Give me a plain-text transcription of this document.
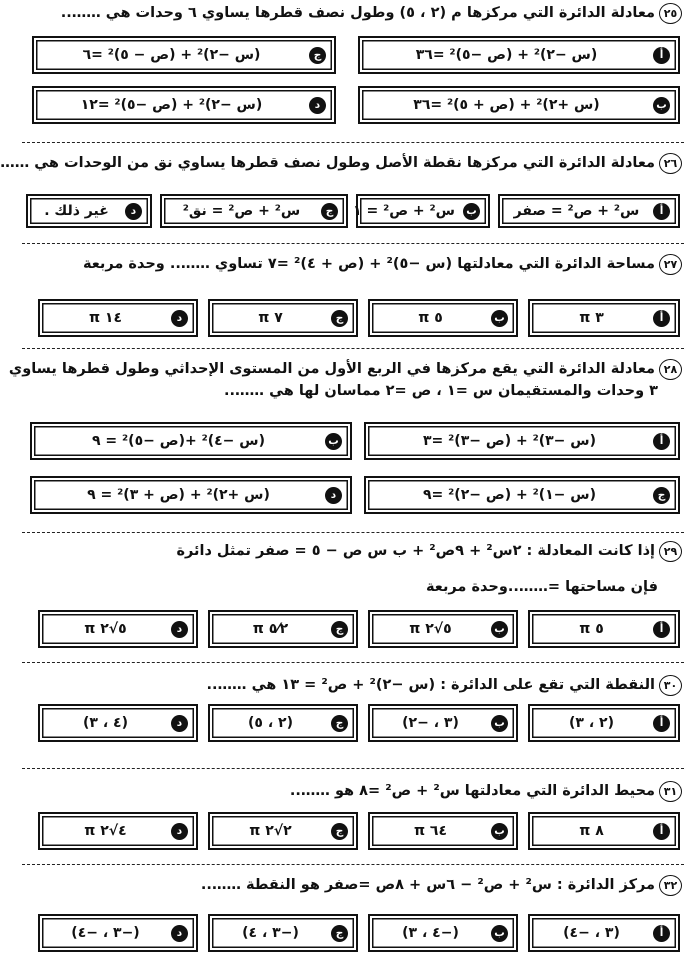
٢٥معادلة الدائرة التي مركزها م (٢ ، ٥) وطول نصف قطرها يساوي ٦ وحدات هي ……..
أ
(س −٢)² + (ص −٥)² =٣٦
ج
(س −٢)² + (ص − ٥)² =٦
ب
(س +٢)² + (ص + ٥)² =٣٦
د
(س −٢)² + (ص −٥)² =١٢
٢٦معادلة الدائرة التي مركزها نقطة الأصل وطول نصف قطرها يساوي نق من الوحدات هي ……
أ
س² + ص² = صفر
ب
س² + ص² = ١
ج
س² + ص² = نق²
د
غير ذلك .
٢٧مساحة الدائرة التي معادلتها (س −٥)² + (ص + ٤)² =٧ تساوي …….. وحدة مربعة
أ
٣ π
ب
٥ π
ج
٧ π
د
١٤ π
٢٨معادلة الدائرة التي يقع مركزها في الربع الأول من المستوى الإحداثي وطول قطرها يساوي
٣ وحدات والمستقيمان س =١ ، ص =٢ مماسان لها هي ……..
أ
(س −٣)² + (ص −٣)² =٣
ب
(س −٤)² +(ص −٥)² = ٩
ج
(س −١)² + (ص −٢)² =٩
د
(س +٢)² + (ص + ٣)² = ٩
٢٩إذا كانت المعادلة : ٢س² + ٩ص² + ب س ص − ٥ = صفر تمثل دائرة
فإن مساحتها =……..وحدة مربعة
أ
٥ π
ب
٥√٢ π
ج
٥⁄٢ π
د
٥√٢ π
٣٠النقطة التي تقع على الدائرة : (س −٢)² + ص² = ١٣ هي ……..
أ
(٢ ، ٣)
ب
(٣ ، −٢)
ج
(٢ ، ٥)
د
(٤ ، ٣)
٣١محيط الدائرة التي معادلتها س² + ص² =٨ هو ……..
أ
٨ π
ب
٦٤ π
ج
٢√٢ π
د
٤√٢ π
٣٢مركز الدائرة : س² + ص² − ٦س + ٨ص =صفر هو النقطة ……..
أ
(٣ ، −٤)
ب
(−٤ ، ٣)
ج
(−٣ ، ٤)
د
(−٣ ، −٤)
